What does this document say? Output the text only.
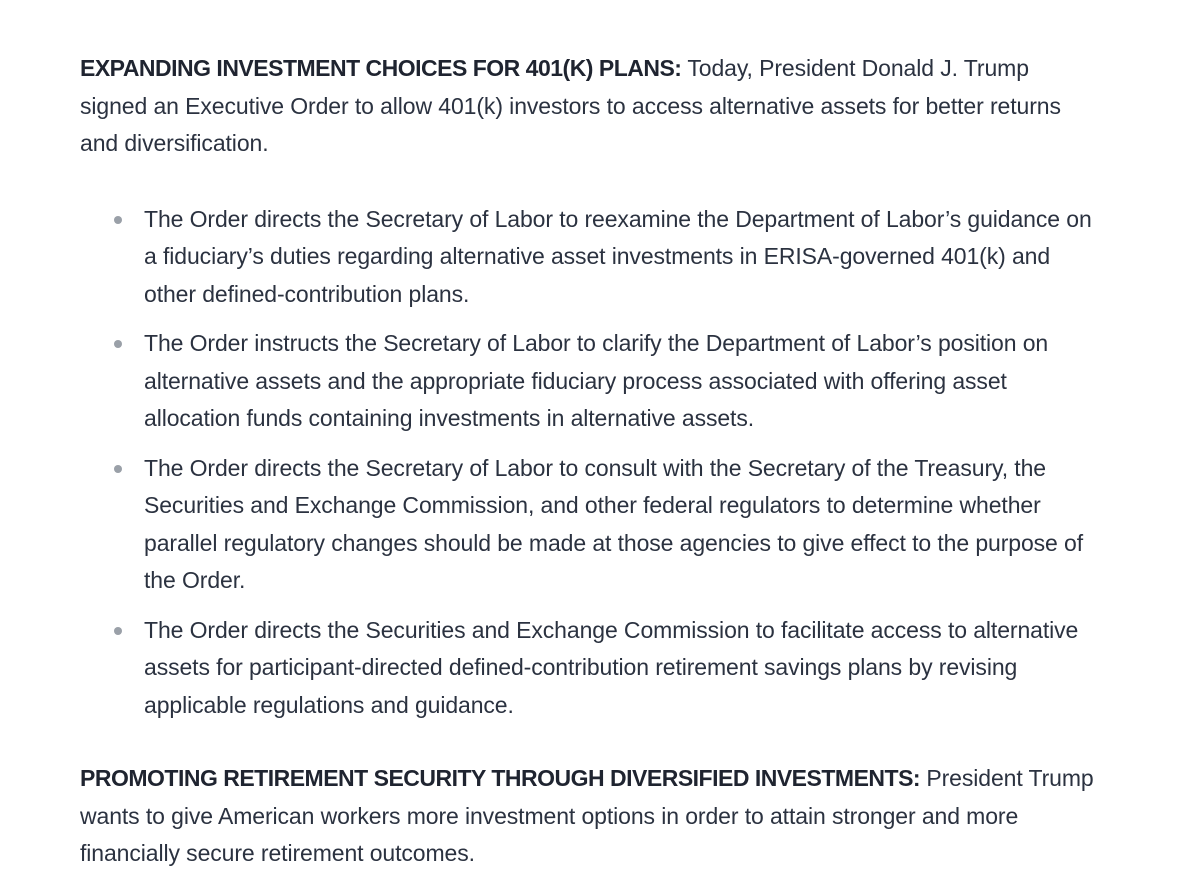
EXPANDING INVESTMENT CHOICES FOR 401(K) PLANS: Today, President Donald J. Trump signed an Executive Order to allow 401(k) investors to access alternative assets for better returns and diversification.

The Order directs the Secretary of Labor to reexamine the Department of Labor’s guidance on a fiduciary’s duties regarding alternative asset investments in ERISA-governed 401(k) and other defined-contribution plans.
The Order instructs the Secretary of Labor to clarify the Department of Labor’s position on alternative assets and the appropriate fiduciary process associated with offering asset allocation funds containing investments in alternative assets.
The Order directs the Secretary of Labor to consult with the Secretary of the Treasury, the Securities and Exchange Commission, and other federal regulators to determine whether parallel regulatory changes should be made at those agencies to give effect to the purpose of the Order.
The Order directs the Securities and Exchange Commission to facilitate access to alternative assets for participant-directed defined-contribution retirement savings plans by revising applicable regulations and guidance.

PROMOTING RETIREMENT SECURITY THROUGH DIVERSIFIED INVESTMENTS: President Trump wants to give American workers more investment options in order to attain stronger and more financially secure retirement outcomes.
